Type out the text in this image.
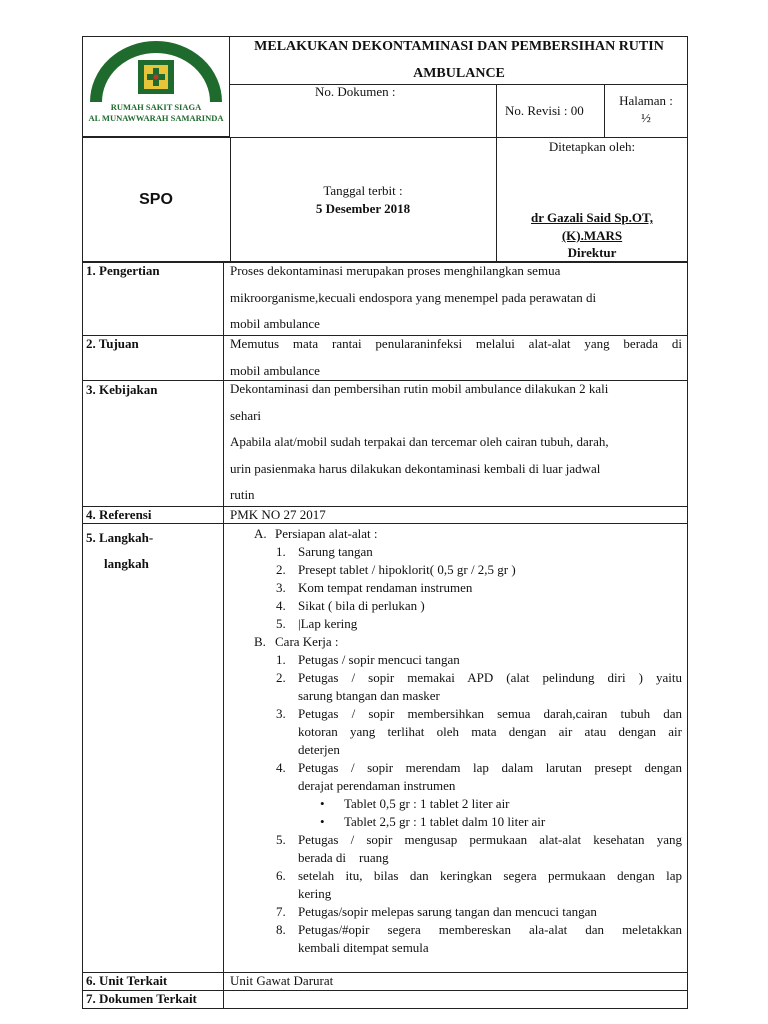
RUMAH SAKIT SIAGA
AL MUNAWWARAH SAMARINDA
MELAKUKAN DEKONTAMINASI DAN PEMBERSIHAN RUTIN
AMBULANCE
No. Dokumen :
No. Revisi : 00
Halaman :
½
SPO
Tanggal terbit :
5 Desember 2018
Ditetapkan oleh:
dr Gazali Said Sp.OT,
(K).MARS
Direktur
1. Pengertian	Proses dekontaminasi merupakan proses menghilangkan semua
mikroorganisme,kecuali endospora yang menempel pada perawatan di
mobil ambulance
2. Tujuan	Memutus mata rantai penularaninfeksi melalui alat-alat yang berada di
mobil ambulance
3. Kebijakan	Dekontaminasi dan pembersihan rutin mobil ambulance dilakukan 2 kali
sehari
Apabila alat/mobil sudah terpakai dan tercemar oleh cairan tubuh, darah,
urin pasienmaka harus dilakukan dekontaminasi kembali di luar jadwal
rutin
4. Referensi	PMK NO 27 2017
5. Langkah-
langkah
A. Persiapan alat-alat :
1. Sarung tangan
2. Presept tablet / hipoklorit( 0,5 gr / 2,5 gr )
3. Kom tempat rendaman instrumen
4. Sikat ( bila di perlukan )
5. |Lap kering
B. Cara Kerja :
1. Petugas / sopir mencuci tangan
2. Petugas / sopir memakai APD (alat pelindung diri ) yaitu
sarung btangan dan masker
3. Petugas / sopir membersihkan semua darah,cairan tubuh dan
kotoran yang terlihat oleh mata dengan air atau dengan air
deterjen
4. Petugas / sopir merendam lap dalam larutan presept dengan
derajat perendaman instrumen
• Tablet 0,5 gr : 1 tablet 2 liter air
• Tablet 2,5 gr : 1 tablet dalm 10 liter air
5. Petugas / sopir mengusap permukaan alat-alat kesehatan yang
berada di    ruang
6. setelah itu, bilas dan keringkan segera permukaan dengan lap
kering
7. Petugas/sopir melepas sarung tangan dan mencuci tangan
8. Petugas/#opir segera membereskan ala-alat dan meletakkan
kembali ditempat semula
6. Unit Terkait	Unit Gawat Darurat
7. Dokumen Terkait
